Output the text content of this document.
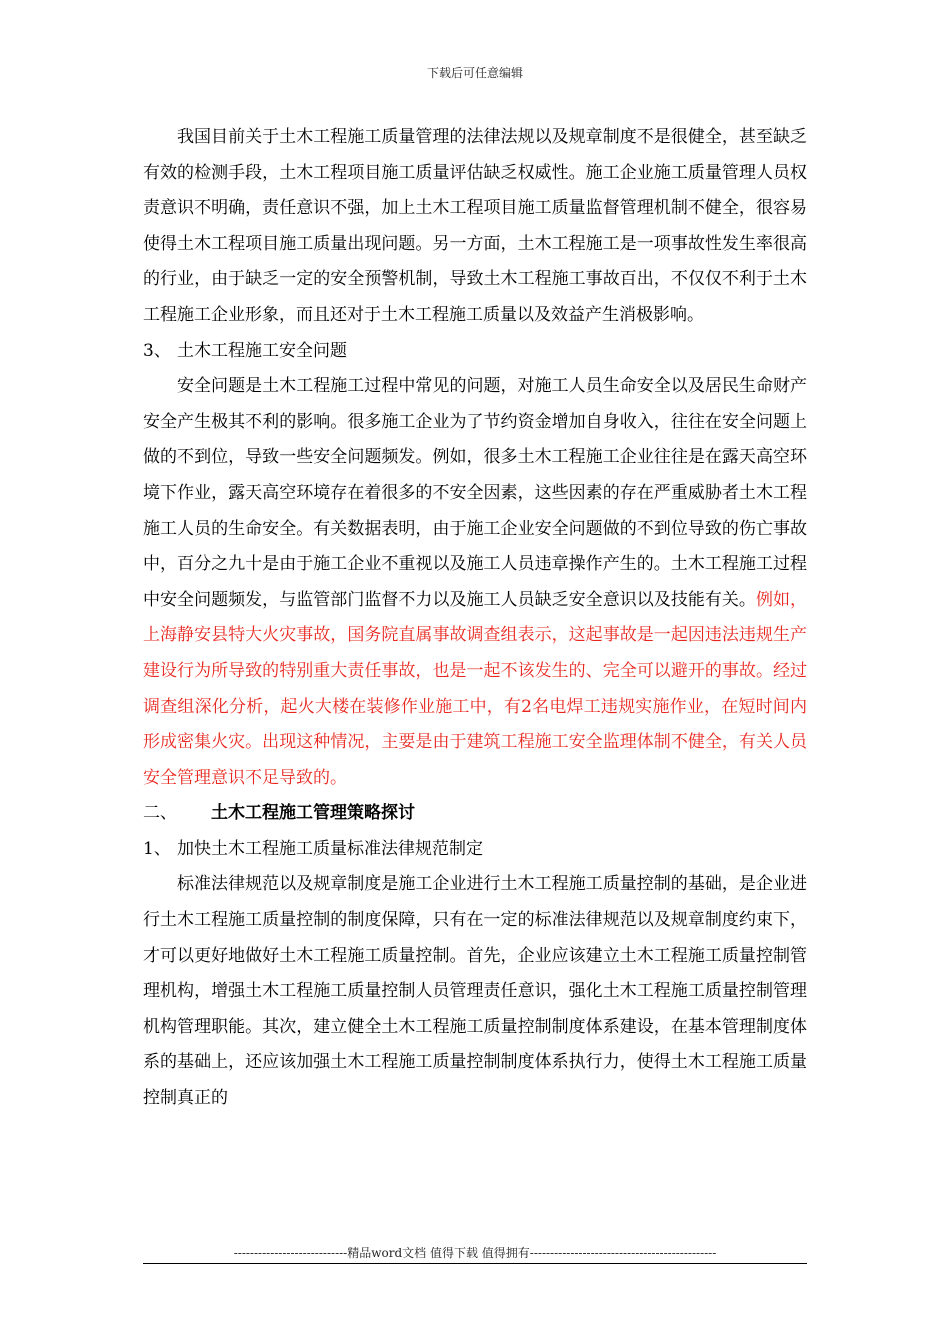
下载后可任意编辑

我国目前关于土木工程施工质量管理的法律法规以及规章制度不是很健全，甚至缺乏有效的检测手段，土木工程项目施工质量评估缺乏权威性。施工企业施工质量管理人员权责意识不明确，责任意识不强，加上土木工程项目施工质量监督管理机制不健全，很容易使得土木工程项目施工质量出现问题。另一方面，土木工程施工是一项事故性发生率很高的行业，由于缺乏一定的安全预警机制，导致土木工程施工事故百出，不仅仅不利于土木工程施工企业形象，而且还对于土木工程施工质量以及效益产生消极影响。

3、 土木工程施工安全问题

安全问题是土木工程施工过程中常见的问题，对施工人员生命安全以及居民生命财产安全产生极其不利的影响。很多施工企业为了节约资金增加自身收入，往往在安全问题上做的不到位，导致一些安全问题频发。例如，很多土木工程施工企业往往是在露天高空环境下作业，露天高空环境存在着很多的不安全因素，这些因素的存在严重威胁者土木工程施工人员的生命安全。有关数据表明，由于施工企业安全问题做的不到位导致的伤亡事故中，百分之九十是由于施工企业不重视以及施工人员违章操作产生的。土木工程施工过程中安全问题频发，与监管部门监督不力以及施工人员缺乏安全意识以及技能有关。例如，上海静安县特大火灾事故，国务院直属事故调查组表示，这起事故是一起因违法违规生产建设行为所导致的特别重大责任事故，也是一起不该发生的、完全可以避开的事故。经过调查组深化分析，起火大楼在装修作业施工中，有2名电焊工违规实施作业，在短时间内形成密集火灾。出现这种情况，主要是由于建筑工程施工安全监理体制不健全，有关人员安全管理意识不足导致的。

二、 土木工程施工管理策略探讨

1、 加快土木工程施工质量标准法律规范制定

标准法律规范以及规章制度是施工企业进行土木工程施工质量控制的基础，是企业进行土木工程施工质量控制的制度保障，只有在一定的标准法律规范以及规章制度约束下，才可以更好地做好土木工程施工质量控制。首先，企业应该建立土木工程施工质量控制管理机构，增强土木工程施工质量控制人员管理责任意识，强化土木工程施工质量控制管理机构管理职能。其次，建立健全土木工程施工质量控制制度体系建设，在基本管理制度体系的基础上，还应该加强土木工程施工质量控制制度体系执行力，使得土木工程施工质量控制真正的

----------------------------精品word文档 值得下载 值得拥有----------------------------------------------
